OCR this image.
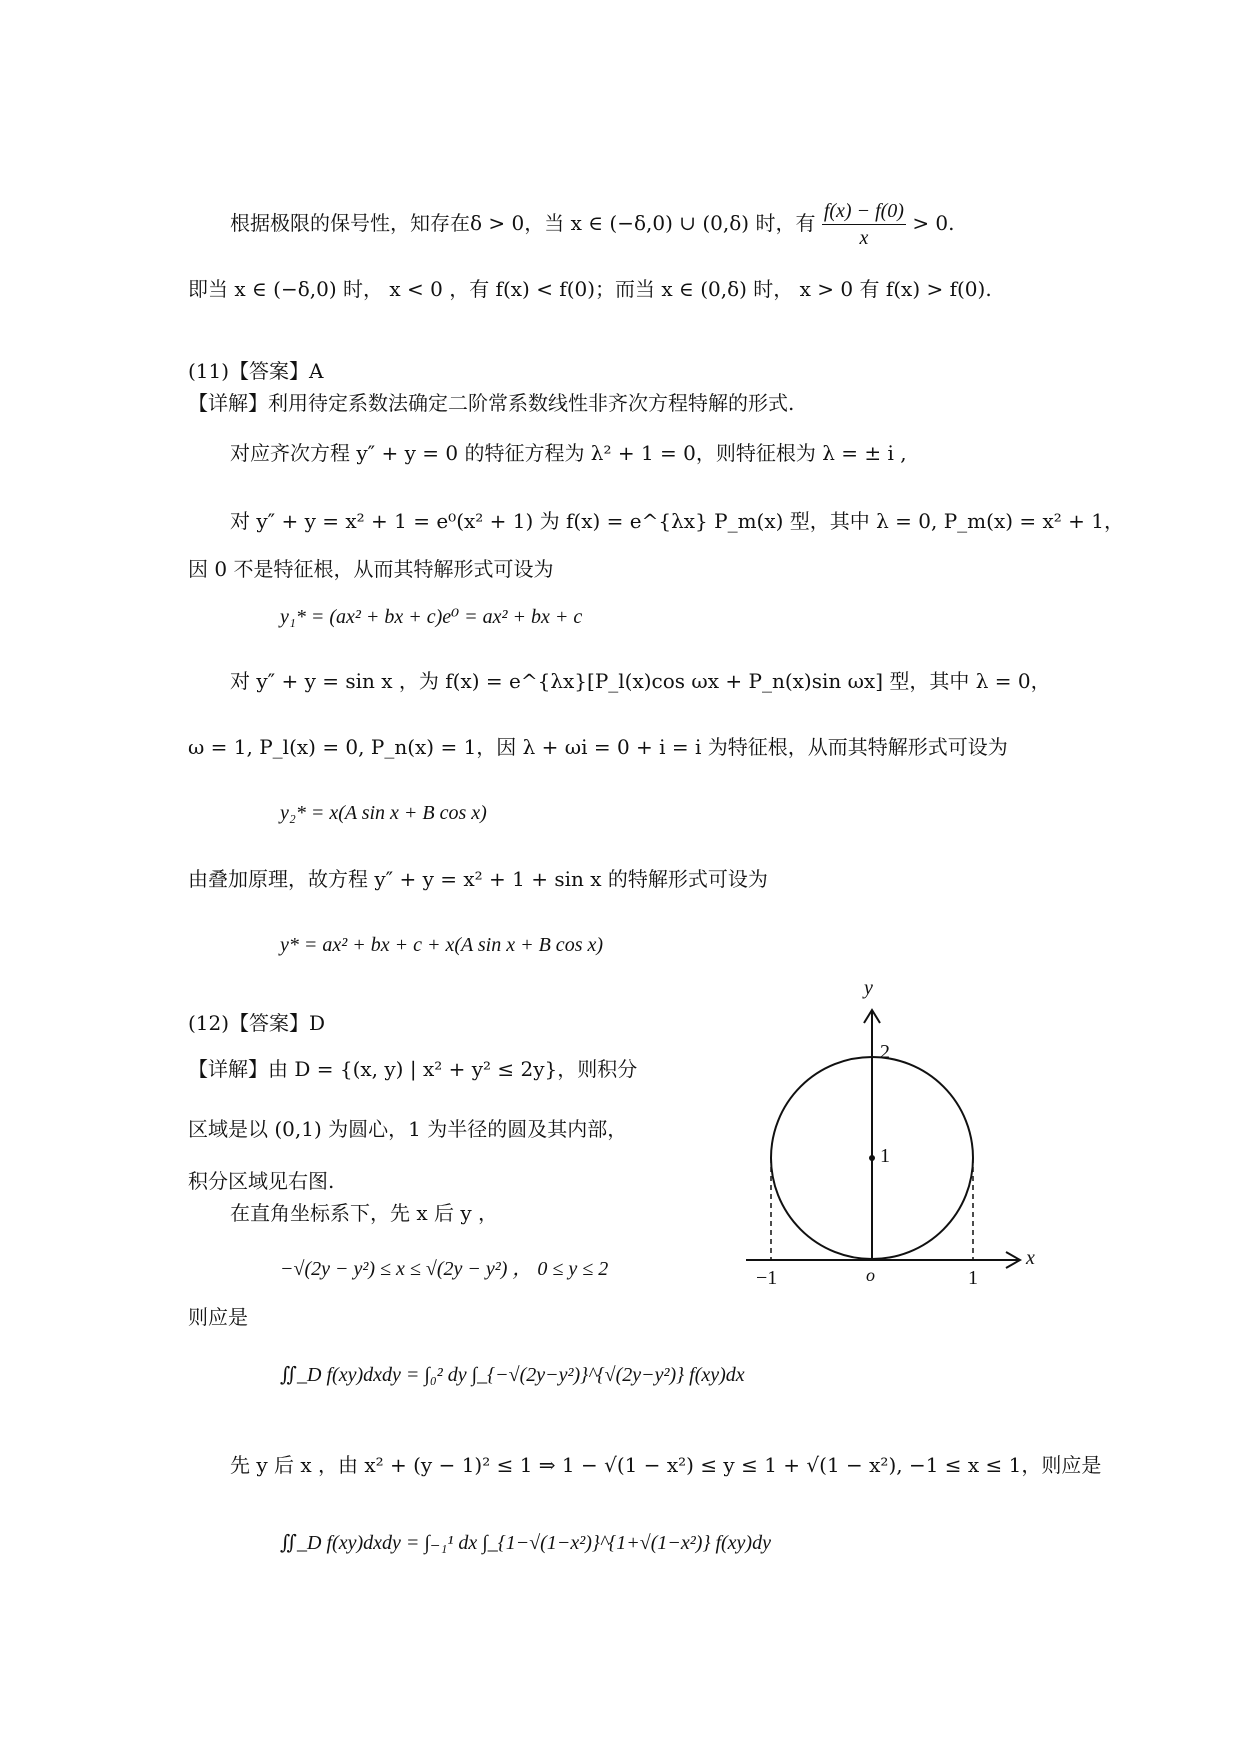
根据极限的保号性，知存在δ > 0，当 x ∈ (−δ,0) ∪ (0,δ) 时，有 $\frac{f(x) - f(0)}{x} > 0$.
即当 x ∈ (−δ,0) 时， x < 0 ，有 f(x) < f(0)；而当 x ∈ (0,δ) 时， x > 0 有 f(x) > f(0).
(11)【答案】A
【详解】利用待定系数法确定二阶常系数线性非齐次方程特解的形式.
对应齐次方程 y″ + y = 0 的特征方程为 λ² + 1 = 0，则特征根为 λ = ± i ,
对 y″ + y = x² + 1 = e⁰(x² + 1) 为 f(x) = e^{λx} P_m(x) 型，其中 λ = 0, P_m(x) = x² + 1，
因 0 不是特征根，从而其特解形式可设为
y₁* = (ax² + bx + c)e⁰ = ax² + bx + c
对 y″ + y = sin x ，为 f(x) = e^{λx}[P_l(x)cos ωx + P_n(x)sin ωx] 型，其中 λ = 0，
ω = 1, P_l(x) = 0, P_n(x) = 1，因 λ + ωi = 0 + i = i 为特征根，从而其特解形式可设为
y₂* = x(A sin x + B cos x)
由叠加原理，故方程 y″ + y = x² + 1 + sin x 的特解形式可设为
y* = ax² + bx + c + x(A sin x + B cos x)
(12)【答案】D
【详解】由 D = {(x, y) | x² + y² ≤ 2y}，则积分
区域是以 (0,1) 为圆心，1 为半径的圆及其内部，
积分区域见右图.
在直角坐标系下，先 x 后 y ，
−√(2y − y²) ≤ x ≤ √(2y − y²) ， 0 ≤ y ≤ 2
则应是
∬_D f(xy)dxdy = ∫₀² dy ∫_{−√(2y−y²)}^{√(2y−y²)} f(xy)dx
先 y 后 x ，由 x² + (y − 1)² ≤ 1 ⇒ 1 − √(1 − x²) ≤ y ≤ 1 + √(1 − x²), −1 ≤ x ≤ 1，则应是
∬_D f(xy)dxdy = ∫₋₁¹ dx ∫_{1−√(1−x²)}^{1+√(1−x²)} f(xy)dy
y
x
2
1
o
−1	1
